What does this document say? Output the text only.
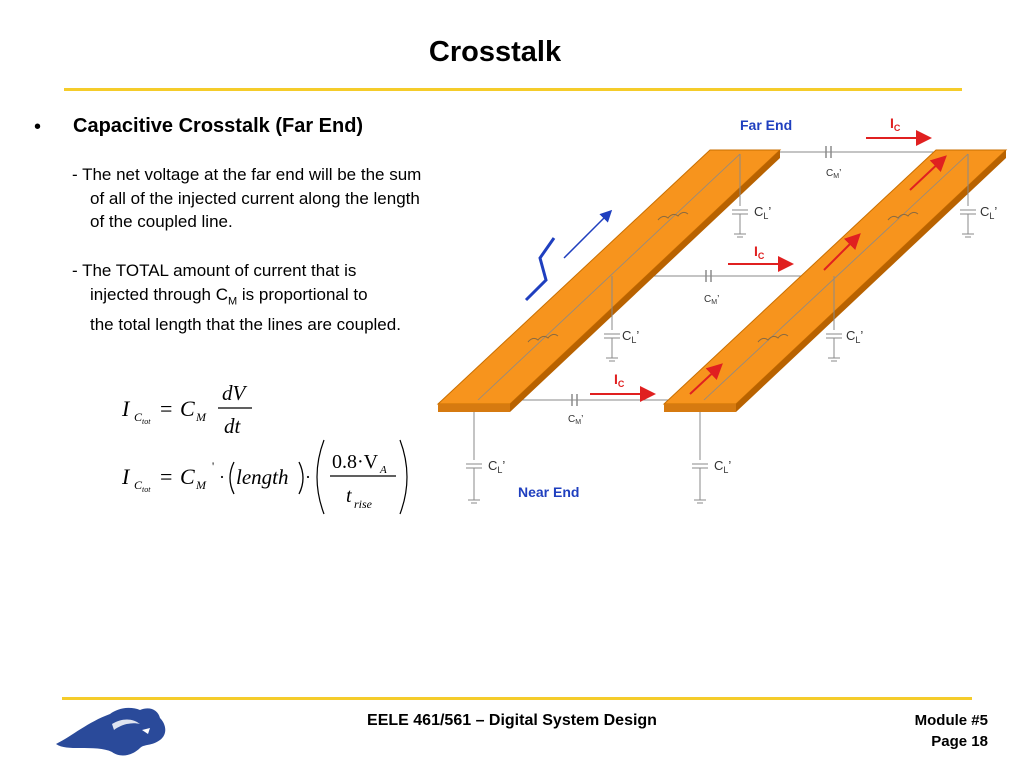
Crosstalk
• Capacitive Crosstalk (Far End)
- The net voltage at the far end will be the sum
of all of the injected current along the length
of the coupled line.
- The TOTAL amount of current that is
injected through $C_M$ is proportional to
the total length that the lines are coupled.
I C tot
= C M
dV
dt
I C tot
= C M
'
· length ·
0.8·V A
t rise
$C_L$’	$C_L$’
$C_L$’	$C_L$’
$C_L$’	$C_L$’
$C_M$’
$C_M$’
$C_M$’
Far End
Near End
$I_C$
$I_C$
$I_C$
EELE 461/561 – Digital System Design	Module #5
Page 18
